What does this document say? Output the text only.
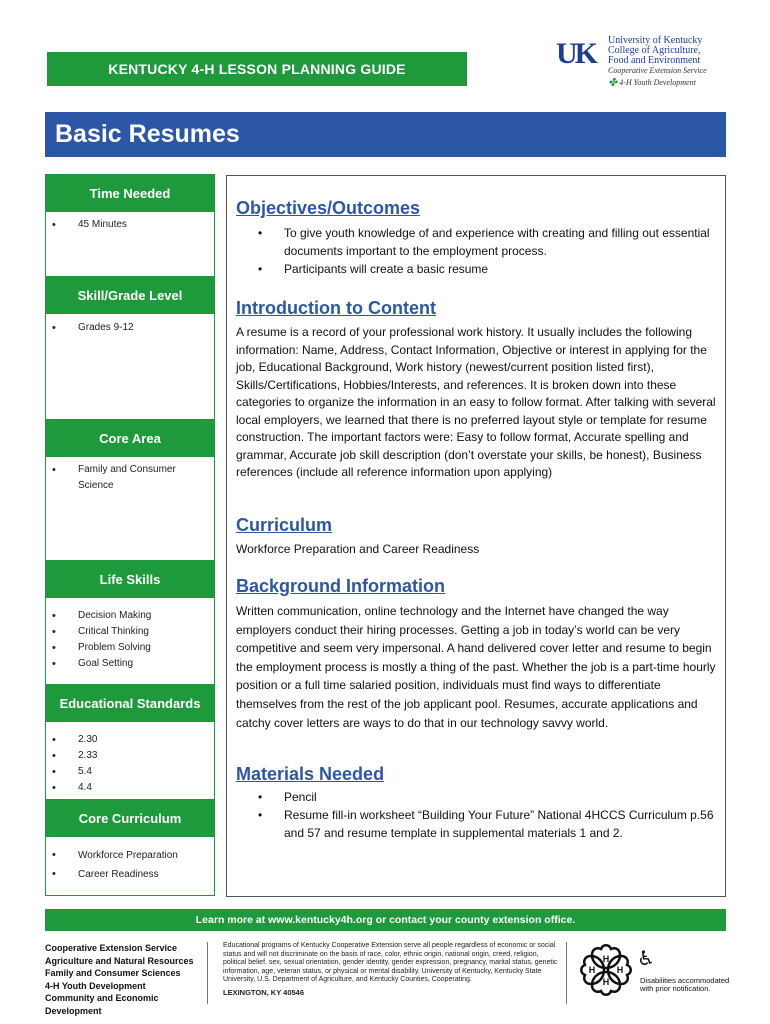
KENTUCKY 4-H LESSON PLANNING GUIDE	UK	University of Kentucky
College of Agriculture,
Food and Environment
Cooperative Extension Service
✤ 4-H Youth Development
Basic Resumes
Time Needed
• 45 Minutes
Skill/Grade Level
• Grades 9-12
Core Area
• Family and Consumer Science
Life Skills
• Decision Making
• Critical Thinking
• Problem Solving
• Goal Setting
Educational Standards
• 2.30
• 2.33
• 5.4
• 4.4
Core Curriculum
• Workforce Preparation
• Career Readiness
Objectives/Outcomes
• To give youth knowledge of and experience with creating and filling out essential documents important to the employment process.
• Participants will create a basic resume
Introduction to Content
A resume is a record of your professional work history. It usually includes the following information: Name, Address, Contact Information, Objective or interest in applying for the job, Educational Background, Work history (newest/current position listed first), Skills/Certifications, Hobbies/Interests, and references. It is broken down into these categories to organize the information in an easy to follow format. After talking with several local employers, we learned that there is no preferred layout style or template for resume construction. The important factors were: Easy to follow format, Accurate spelling and grammar, Accurate job skill description (don’t overstate your skills, be honest), Business references (include all reference information upon applying)
Curriculum
Workforce Preparation and Career Readiness
Background Information
Written communication, online technology and the Internet have changed the way employers conduct their hiring processes. Getting a job in today’s world can be very competitive and seem very impersonal. A hand delivered cover letter and resume to begin the employment process is mostly a thing of the past. Whether the job is a part-time hourly position or a full time salaried position, individuals must find ways to differentiate themselves from the rest of the job applicant pool. Resumes, accurate applications and catchy cover letters are ways to do that in our technology savvy world.
Materials Needed
• Pencil
• Resume fill-in worksheet “Building Your Future” National 4HCCS Curriculum p.56 and 57 and resume template in supplemental materials 1 and 2.
Learn more at www.kentucky4h.org or contact your county extension office.
Cooperative Extension Service
Agriculture and Natural Resources
Family and Consumer Sciences
4-H Youth Development
Community and Economic Development
Educational programs of Kentucky Cooperative Extension serve all people regardless of economic or social status and will not discriminate on the basis of race, color, ethnic origin, national origin, creed, religion, political belief, sex, sexual orientation, gender identity, gender expression, pregnancy, marital status, genetic information, age, veteran status, or physical or mental disability. University of Kentucky, Kentucky State University, U.S. Department of Agriculture, and Kentucky Counties, Cooperating.
LEXINGTON, KY 40546
H
H
H
H ♿
Disabilities accommodated with prior notification.
